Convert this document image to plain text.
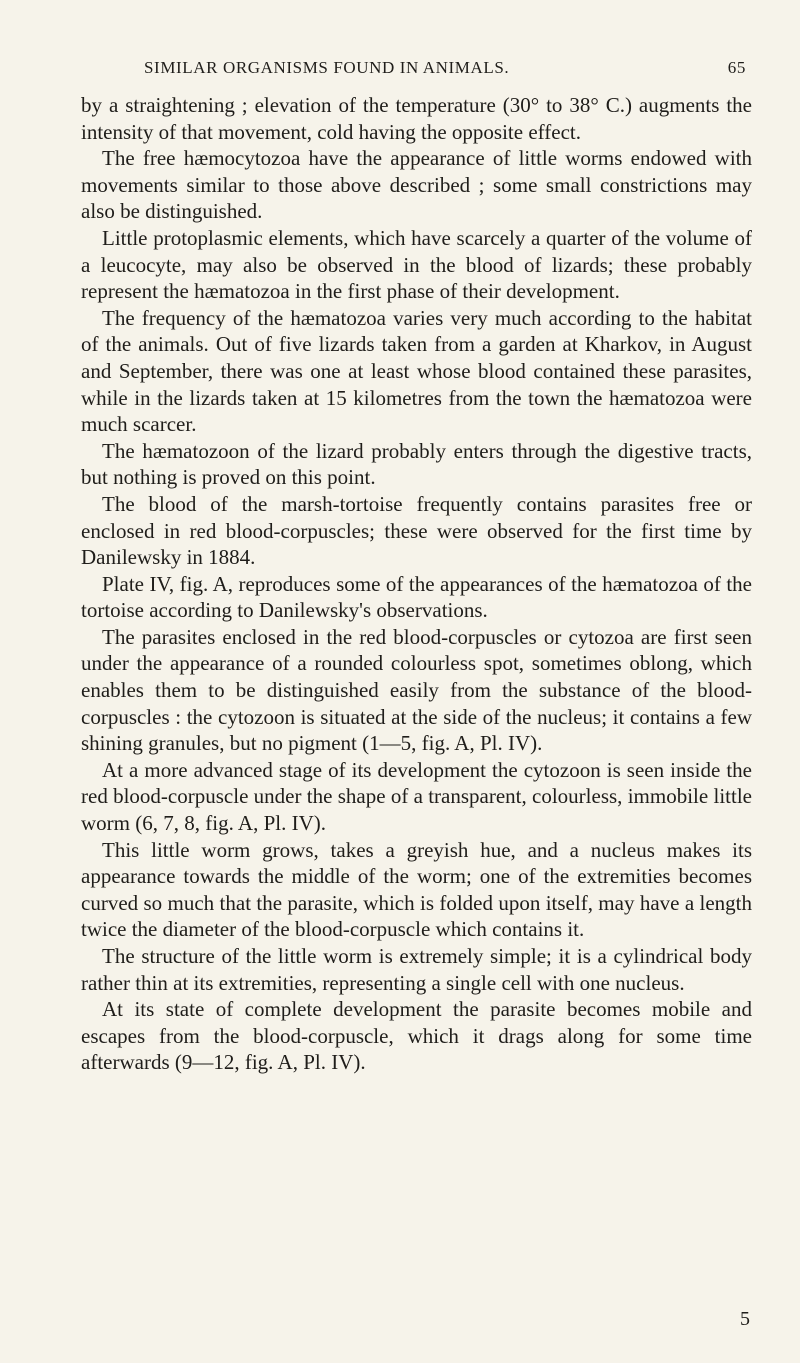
SIMILAR ORGANISMS FOUND IN ANIMALS.	65

by a straightening ; elevation of the temperature (30° to 38° C.) augments the intensity of that movement, cold having the opposite effect.

The free hæmocytozoa have the appearance of little worms endowed with movements similar to those above described ; some small constrictions may also be distinguished.

Little protoplasmic elements, which have scarcely a quarter of the volume of a leucocyte, may also be observed in the blood of lizards; these probably represent the hæmatozoa in the first phase of their development.

The frequency of the hæmatozoa varies very much according to the habitat of the animals. Out of five lizards taken from a garden at Kharkov, in August and September, there was one at least whose blood contained these parasites, while in the lizards taken at 15 kilometres from the town the hæmatozoa were much scarcer.

The hæmatozoon of the lizard probably enters through the digestive tracts, but nothing is proved on this point.

The blood of the marsh-tortoise frequently contains parasites free or enclosed in red blood-corpuscles; these were observed for the first time by Danilewsky in 1884.

Plate IV, fig. A, reproduces some of the appearances of the hæmatozoa of the tortoise according to Danilewsky's observations.

The parasites enclosed in the red blood-corpuscles or cytozoa are first seen under the appearance of a rounded colourless spot, sometimes oblong, which enables them to be distinguished easily from the substance of the blood-corpuscles : the cytozoon is situated at the side of the nucleus; it contains a few shining granules, but no pigment (1—5, fig. A, Pl. IV).

At a more advanced stage of its development the cytozoon is seen inside the red blood-corpuscle under the shape of a transparent, colourless, immobile little worm (6, 7, 8, fig. A, Pl. IV).

This little worm grows, takes a greyish hue, and a nucleus makes its appearance towards the middle of the worm; one of the extremities becomes curved so much that the parasite, which is folded upon itself, may have a length twice the diameter of the blood-corpuscle which contains it.

The structure of the little worm is extremely simple; it is a cylindrical body rather thin at its extremities, representing a single cell with one nucleus.

At its state of complete development the parasite becomes mobile and escapes from the blood-corpuscle, which it drags along for some time afterwards (9—12, fig. A, Pl. IV).

5
